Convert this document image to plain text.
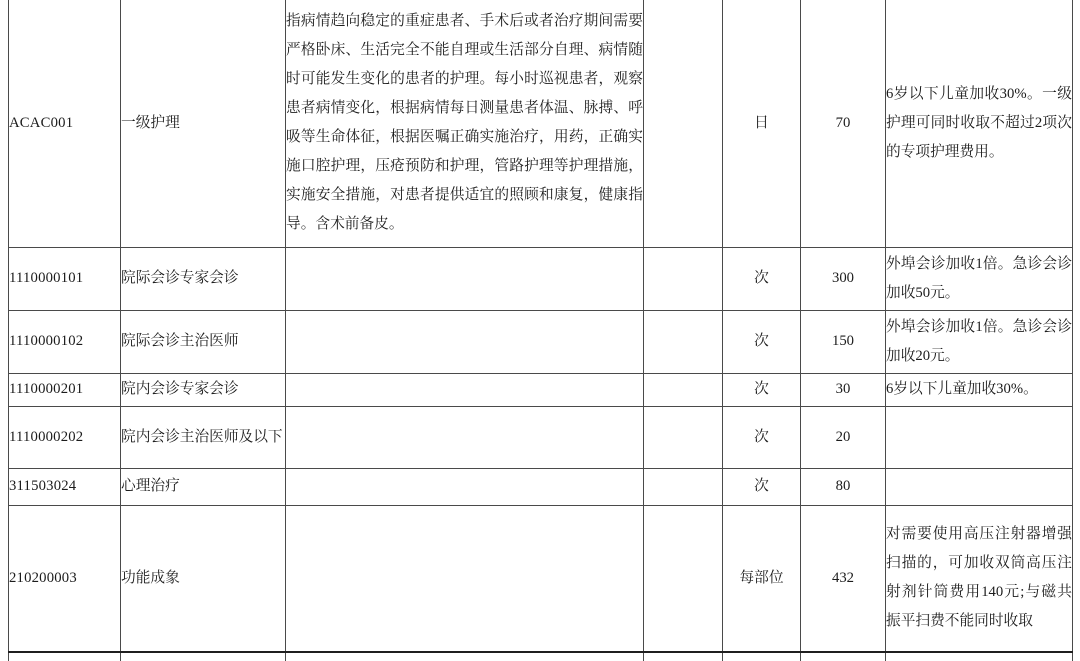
ACAC001	一级护理	指病情趋向稳定的重症患者、手术后或者治疗期间需要严格卧床、生活完全不能自理或生活部分自理、病情随时可能发生变化的患者的护理。每小时巡视患者，观察患者病情变化，根据病情每日测量患者体温、脉搏、呼吸等生命体征，根据医嘱正确实施治疗，用药，正确实施口腔护理，压疮预防和护理，管路护理等护理措施，实施安全措施，对患者提供适宜的照顾和康复，健康指导。含术前备皮。		日	70	6岁以下儿童加收30%。一级护理可同时收取不超过2项次的专项护理费用。
1110000101	院际会诊专家会诊			次	300	外埠会诊加收1倍。急诊会诊加收50元。
1110000102	院际会诊主治医师			次	150	外埠会诊加收1倍。急诊会诊加收20元。
1110000201	院内会诊专家会诊			次	30	6岁以下儿童加收30%。
1110000202	院内会诊主治医师及以下			次	20	
311503024	心理治疗			次	80	
210200003	功能成象			每部位	432	对需要使用高压注射器增强扫描的，可加收双筒高压注射剂针筒费用140元;与磁共振平扫费不能同时收取
